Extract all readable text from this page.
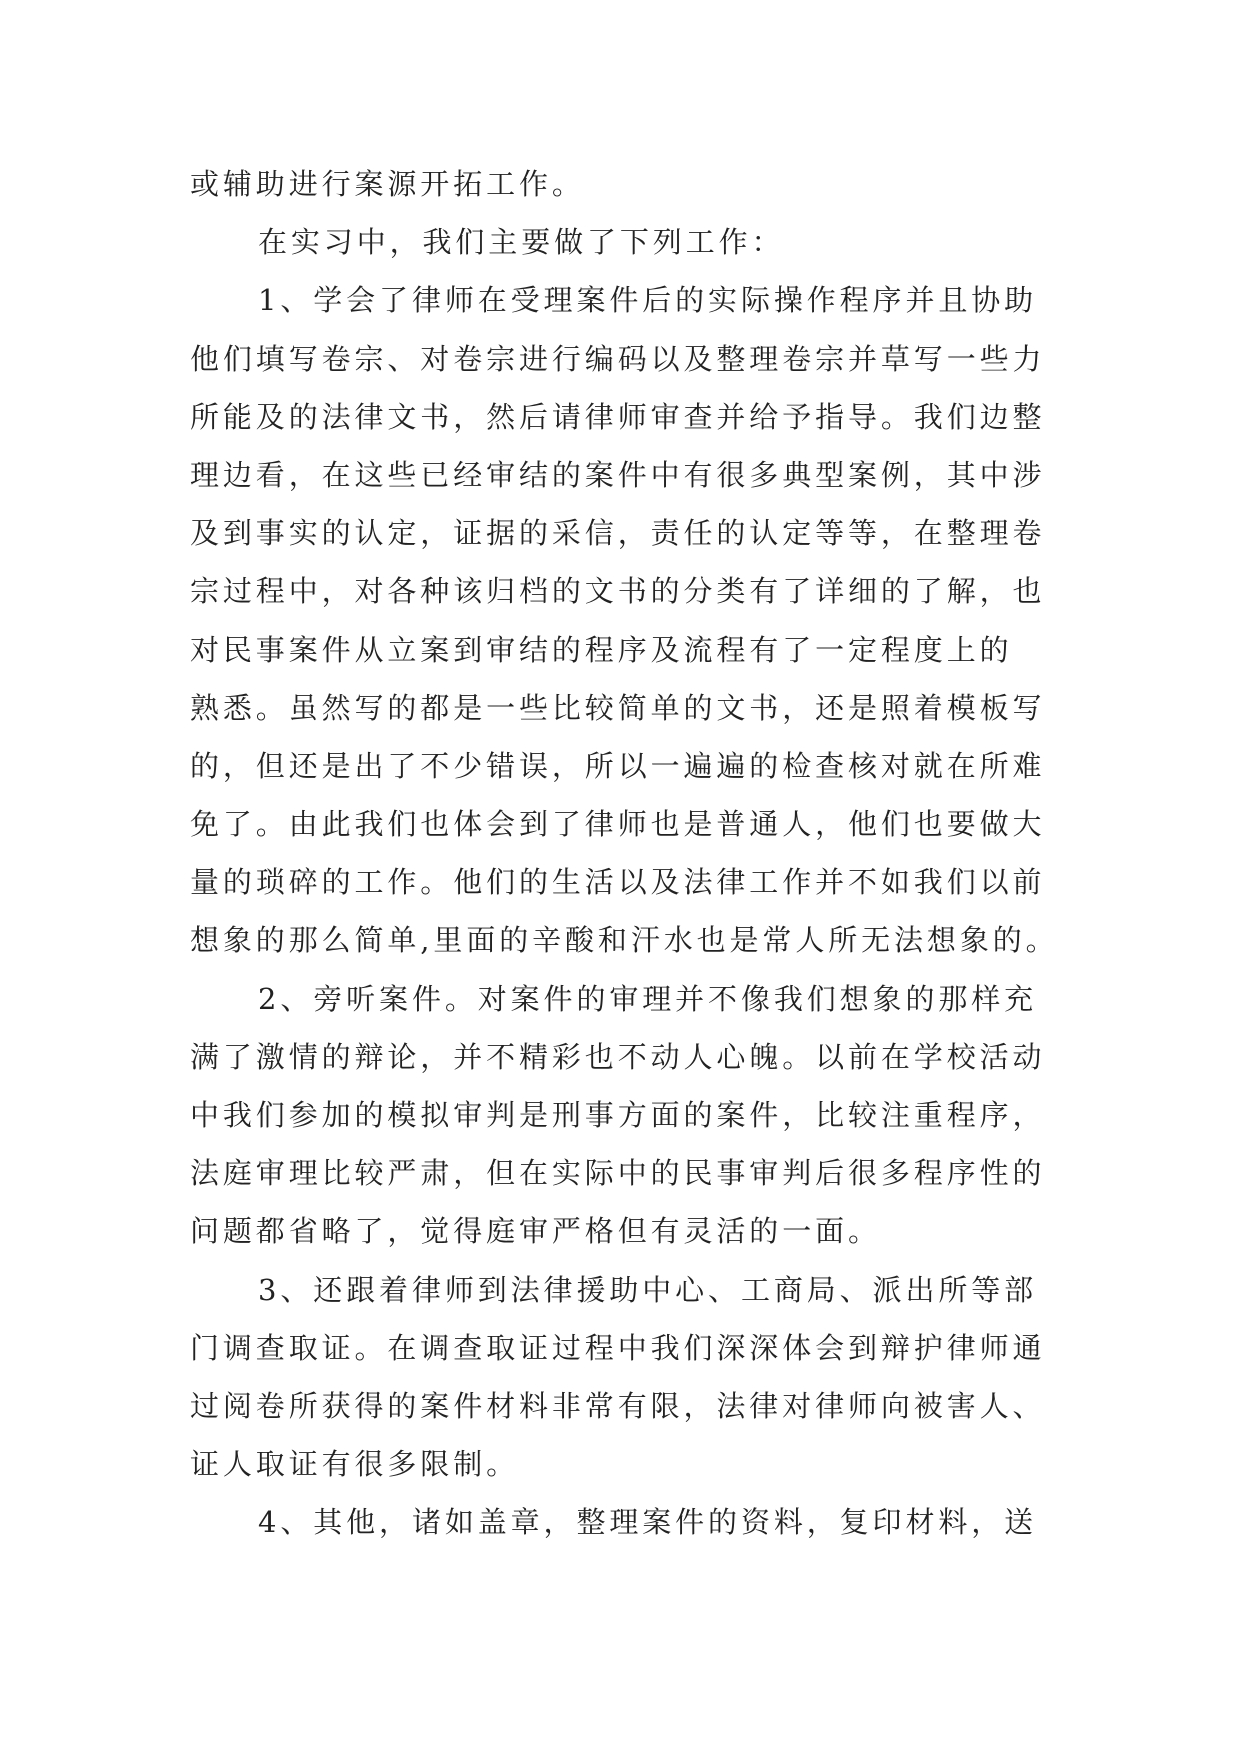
或辅助进行案源开拓工作。
在实习中，我们主要做了下列工作：
1、学会了律师在受理案件后的实际操作程序并且协助
他们填写卷宗、对卷宗进行编码以及整理卷宗并草写一些力
所能及的法律文书，然后请律师审查并给予指导。我们边整
理边看，在这些已经审结的案件中有很多典型案例，其中涉
及到事实的认定，证据的采信，责任的认定等等，在整理卷
宗过程中，对各种该归档的文书的分类有了详细的了解，也
对民事案件从立案到审结的程序及流程有了一定程度上的
熟悉。虽然写的都是一些比较简单的文书，还是照着模板写
的，但还是出了不少错误，所以一遍遍的检查核对就在所难
免了。由此我们也体会到了律师也是普通人，他们也要做大
量的琐碎的工作。他们的生活以及法律工作并不如我们以前
想象的那么简单,里面的辛酸和汗水也是常人所无法想象的。
2、旁听案件。对案件的审理并不像我们想象的那样充
满了激情的辩论，并不精彩也不动人心魄。以前在学校活动
中我们参加的模拟审判是刑事方面的案件，比较注重程序，
法庭审理比较严肃，但在实际中的民事审判后很多程序性的
问题都省略了，觉得庭审严格但有灵活的一面。
3、还跟着律师到法律援助中心、工商局、派出所等部
门调查取证。在调查取证过程中我们深深体会到辩护律师通
过阅卷所获得的案件材料非常有限，法律对律师向被害人、
证人取证有很多限制。
4、其他，诸如盖章，整理案件的资料，复印材料，送
